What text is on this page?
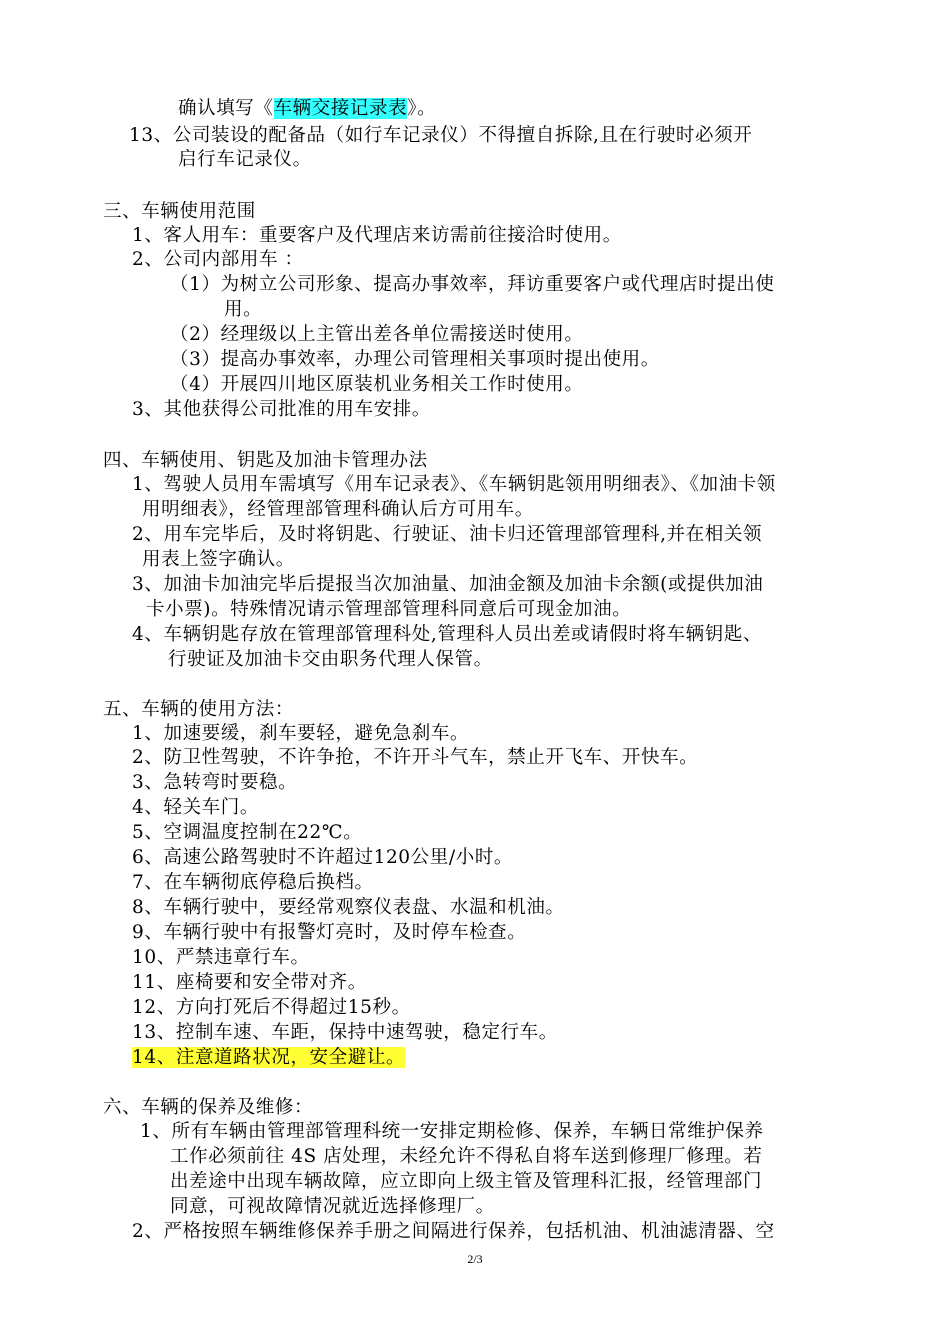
确认填写《车辆交接记录表》。
13、公司装设的配备品（如行车记录仪）不得擅自拆除,且在行驶时必须开
启行车记录仪。
三、车辆使用范围
1、客人用车：重要客户及代理店来访需前往接洽时使用。
2、公司内部用车 ：
（1）为树立公司形象、提高办事效率，拜访重要客户或代理店时提出使
用。
（2）经理级以上主管出差各单位需接送时使用。
（3）提高办事效率，办理公司管理相关事项时提出使用。
（4）开展四川地区原装机业务相关工作时使用。
3、其他获得公司批准的用车安排。
四、车辆使用、钥匙及加油卡管理办法
1、驾驶人员用车需填写《用车记录表》、《车辆钥匙领用明细表》、《加油卡领
用明细表》，经管理部管理科确认后方可用车。
2、用车完毕后，及时将钥匙、行驶证、油卡归还管理部管理科,并在相关领
用表上签字确认。
3、加油卡加油完毕后提报当次加油量、加油金额及加油卡余额(或提供加油
卡小票)。特殊情况请示管理部管理科同意后可现金加油。
4、车辆钥匙存放在管理部管理科处,管理科人员出差或请假时将车辆钥匙、
行驶证及加油卡交由职务代理人保管。
五、车辆的使用方法：
1、加速要缓，刹车要轻，避免急刹车。
2、防卫性驾驶，不许争抢，不许开斗气车，禁止开飞车、开快车。
3、急转弯时要稳。
4、轻关车门。
5、空调温度控制在22℃。
6、高速公路驾驶时不许超过120公里/小时。
7、在车辆彻底停稳后换档。
8、车辆行驶中，要经常观察仪表盘、水温和机油。
9、车辆行驶中有报警灯亮时，及时停车检查。
10、严禁违章行车。
11、座椅要和安全带对齐。
12、方向打死后不得超过15秒。
13、控制车速、车距，保持中速驾驶，稳定行车。
14、注意道路状况，安全避让。
六、车辆的保养及维修：
1、所有车辆由管理部管理科统一安排定期检修、保养，车辆日常维护保养
工作必须前往 4S 店处理，未经允许不得私自将车送到修理厂修理。若
出差途中出现车辆故障，应立即向上级主管及管理科汇报，经管理部门
同意，可视故障情况就近选择修理厂。
2、严格按照车辆维修保养手册之间隔进行保养，包括机油、机油滤清器、空
2/3
